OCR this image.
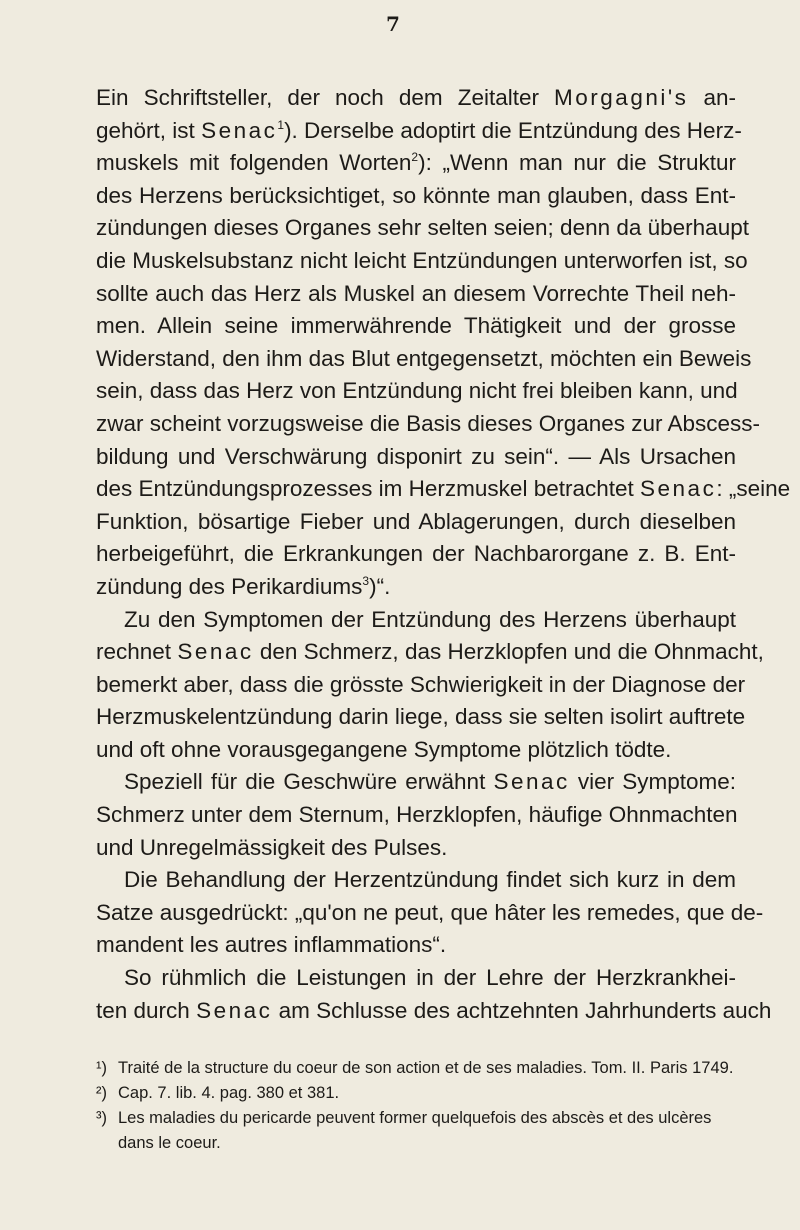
7
Ein Schriftsteller, der noch dem Zeitalter Morgagni's an-
gehört, ist Senac$^1$). Derselbe adoptirt die Entzündung des Herz-
muskels mit folgenden Worten$^2$): „Wenn man nur die Struktur
des Herzens berücksichtiget, so könnte man glauben, dass Ent-
zündungen dieses Organes sehr selten seien; denn da überhaupt
die Muskelsubstanz nicht leicht Entzündungen unterworfen ist, so
sollte auch das Herz als Muskel an diesem Vorrechte Theil neh-
men. Allein seine immerwährende Thätigkeit und der grosse
Widerstand, den ihm das Blut entgegensetzt, möchten ein Beweis
sein, dass das Herz von Entzündung nicht frei bleiben kann, und
zwar scheint vorzugsweise die Basis dieses Organes zur Abscess-
bildung und Verschwärung disponirt zu sein“. — Als Ursachen
des Entzündungsprozesses im Herzmuskel betrachtet Senac: „seine
Funktion, bösartige Fieber und Ablagerungen, durch dieselben
herbeigeführt, die Erkrankungen der Nachbarorgane z. B. Ent-
zündung des Perikardiums$^3$)“.
Zu den Symptomen der Entzündung des Herzens überhaupt
rechnet Senac den Schmerz, das Herzklopfen und die Ohnmacht,
bemerkt aber, dass die grösste Schwierigkeit in der Diagnose der
Herzmuskelentzündung darin liege, dass sie selten isolirt auftrete
und oft ohne vorausgegangene Symptome plötzlich tödte.
Speziell für die Geschwüre erwähnt Senac vier Symptome:
Schmerz unter dem Sternum, Herzklopfen, häufige Ohnmachten
und Unregelmässigkeit des Pulses.
Die Behandlung der Herzentzündung findet sich kurz in dem
Satze ausgedrückt: „qu'on ne peut, que hâter les remedes, que de-
mandent les autres inflammations“.
So rühmlich die Leistungen in der Lehre der Herzkrankhei-
ten durch Senac am Schlusse des achtzehnten Jahrhunderts auch
¹) Traité de la structure du coeur de son action et de ses maladies. Tom. II. Paris 1749.
²) Cap. 7. lib. 4. pag. 380 et 381.
³) Les maladies du pericarde peuvent former quelquefois des abscès et des ulcères dans le coeur.
